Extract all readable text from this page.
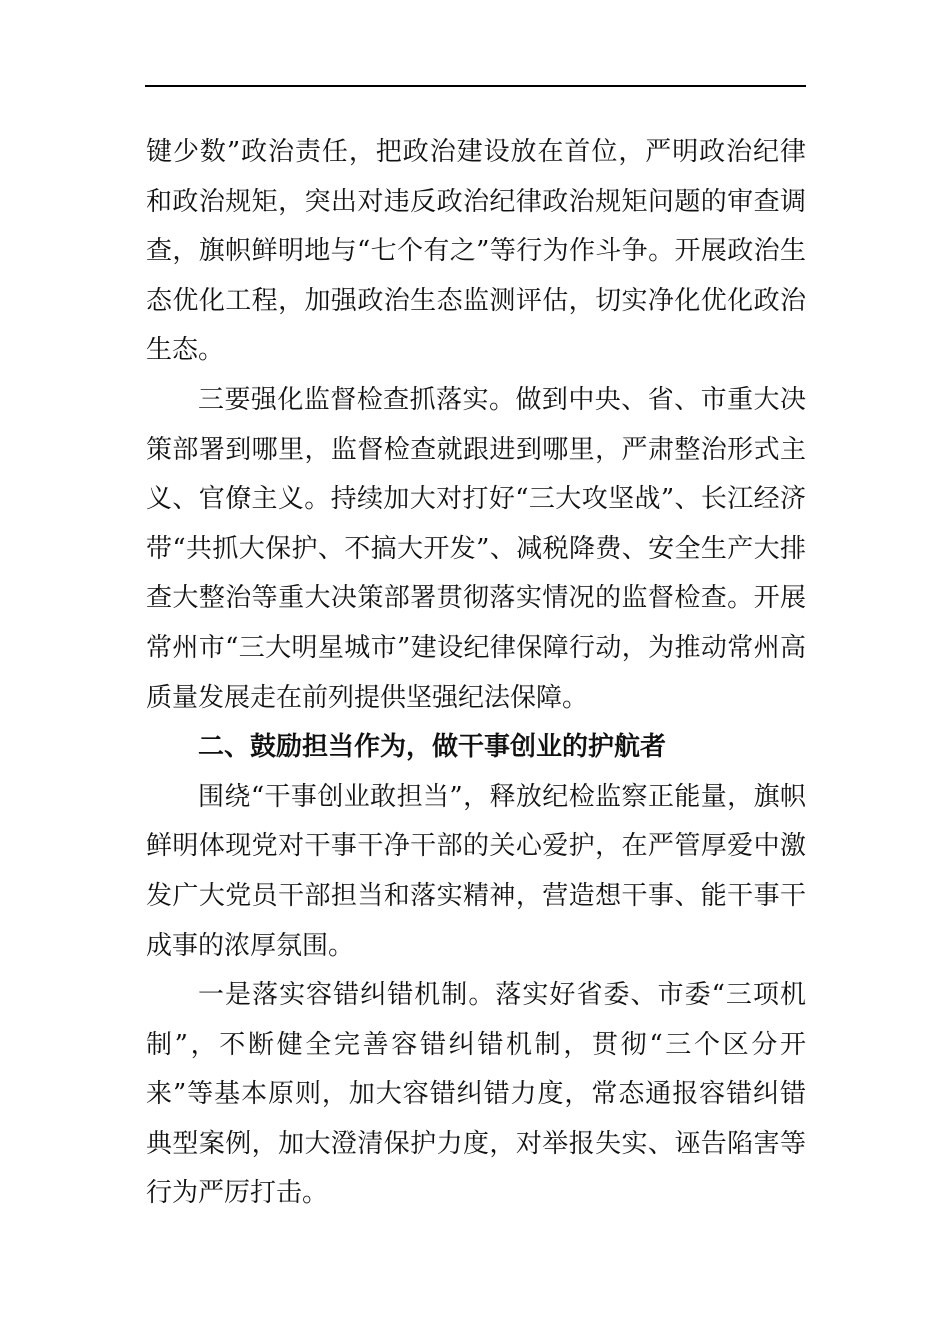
键少数”政治责任，把政治建设放在首位，严明政治纪律和政治规矩，突出对违反政治纪律政治规矩问题的审查调查，旗帜鲜明地与“七个有之”等行为作斗争。开展政治生态优化工程，加强政治生态监测评估，切实净化优化政治生态。

三要强化监督检查抓落实。做到中央、省、市重大决策部署到哪里，监督检查就跟进到哪里，严肃整治形式主义、官僚主义。持续加大对打好“三大攻坚战”、长江经济带“共抓大保护、不搞大开发”、减税降费、安全生产大排查大整治等重大决策部署贯彻落实情况的监督检查。开展常州市“三大明星城市”建设纪律保障行动，为推动常州高质量发展走在前列提供坚强纪法保障。

二、鼓励担当作为，做干事创业的护航者

围绕“干事创业敢担当”，释放纪检监察正能量，旗帜鲜明体现党对干事干净干部的关心爱护，在严管厚爱中激发广大党员干部担当和落实精神，营造想干事、能干事干成事的浓厚氛围。

一是落实容错纠错机制。落实好省委、市委“三项机制”，不断健全完善容错纠错机制，贯彻“三个区分开来”等基本原则，加大容错纠错力度，常态通报容错纠错典型案例，加大澄清保护力度，对举报失实、诬告陷害等行为严厉打击。
